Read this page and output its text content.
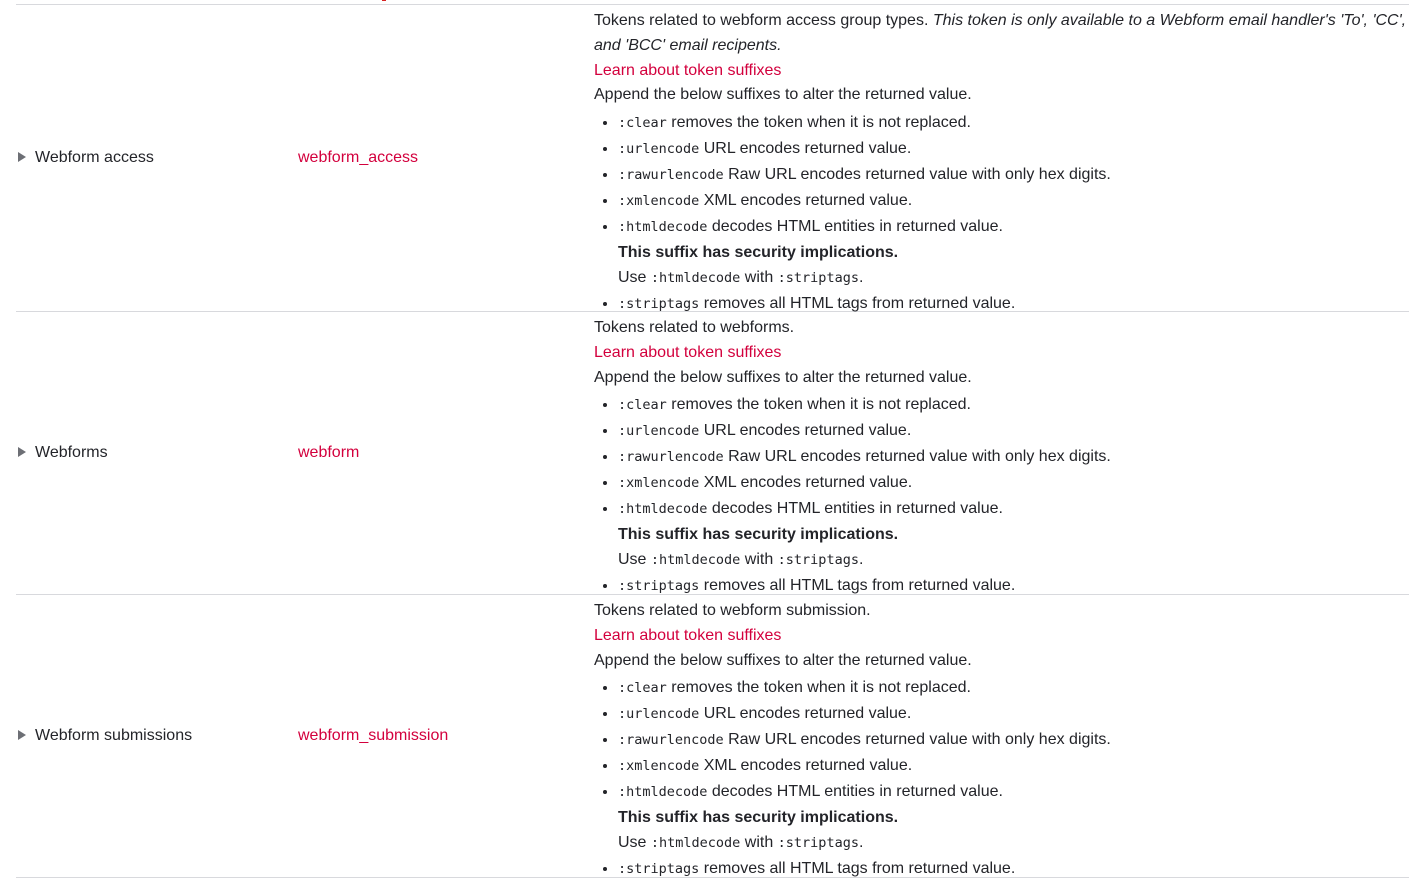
Webform access	webform_access

Tokens related to webform access group types. This token is only available to a Webform email handler's 'To', 'CC', and 'BCC' email recipents.

Learn about token suffixes

Append the below suffixes to alter the returned value.

• :clear removes the token when it is not replaced.
• :urlencode URL encodes returned value.
• :rawurlencode Raw URL encodes returned value with only hex digits.
• :xmlencode XML encodes returned value.
• :htmldecode decodes HTML entities in returned value.
This suffix has security implications.
Use :htmldecode with :striptags.
• :striptags removes all HTML tags from returned value.
Webforms	webform

Tokens related to webforms.

Learn about token suffixes

Append the below suffixes to alter the returned value.

• :clear removes the token when it is not replaced.
• :urlencode URL encodes returned value.
• :rawurlencode Raw URL encodes returned value with only hex digits.
• :xmlencode XML encodes returned value.
• :htmldecode decodes HTML entities in returned value.
This suffix has security implications.
Use :htmldecode with :striptags.
• :striptags removes all HTML tags from returned value.
Webform submissions	webform_submission

Tokens related to webform submission.

Learn about token suffixes

Append the below suffixes to alter the returned value.

• :clear removes the token when it is not replaced.
• :urlencode URL encodes returned value.
• :rawurlencode Raw URL encodes returned value with only hex digits.
• :xmlencode XML encodes returned value.
• :htmldecode decodes HTML entities in returned value.
This suffix has security implications.
Use :htmldecode with :striptags.
• :striptags removes all HTML tags from returned value.
